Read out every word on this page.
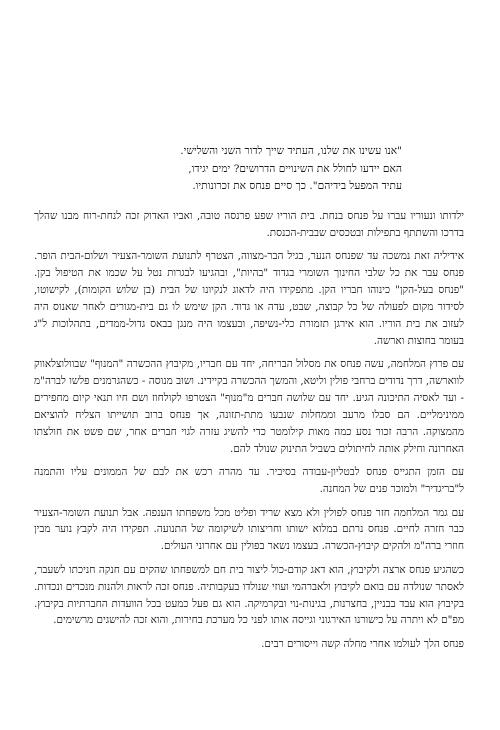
"אנו עשינו את שלנו, העתיד שייך לדור השני והשלישי.

האם יידעו לחולל את השינויים הדרושים? ימים יגידו,

עתיד המפעל בידיהם". כך סיים פנחס את זכרונותיו.

ילדותו ונעוריו עברו על פנחס בנחת. בית הוריו שפע פרנסה טובה, ואביו האדוק זכה לנחת-רוח מבנו שהלך בדרכו והשתתף בתפילות ובטכסים שבבית-הכנסת.

אידיליה זאת נמשכה עד שפנחס הנער, בגיל הבר-מצווה, הצטרף לתנועת השומר-הצעיר ושלום-הבית הופר. פנחס עבר את כל שלבי החינוך השומרי בגדוד "בהיות", ובהגיעו לבגרות נטל על שכמו את הטיפול בקן. "פנחס בעל-הקן" כינוהו חבריו הקן. מתפקידו היה לדאוג לנקיונו של הבית (בן שלוש הקומות), לקישוטו, לסידור מקום לפעולה של כל קבוצה, שבט, עדה או גדוד. הקן שימש לו גם בית-מגורים לאחר שאנוס היה לעזוב את בית הוריו. הוא אירגן תזמורת כלי-נשיפה, ובעצמו היה מנגן בבאס גדול-ממדים, בתהלוכות ל"ג בעומר בחוצות וארשה.

עם פרוץ המלחמה, עשה פנחס את מסלול הבריחה, יחד עם חבריו, מקיבוץ ההכשרה "המנוף" שבוולוצלאווק לווארשה, דרך נדודים ברחבי פולין וליטא, והמשך ההכשרה בקיידינ. ושוב מנוסה - כשהגרמנים פלשו לברה"מ - ועד לאסיה התיכונה הגיע. יחד עם שלושה חברים מ"מנוף" הצטרפו לקולחוז ושם חיו תנאי קיום מחפירים ממינימליים. הם סבלו מרעב וממחלות שנבעו מתת-תזונה, אך פנחס ברוב תושייתו הצליח להוציאם מהמצוקה. הרבה זכור נסע כמה מאות קילומטר כדי להשיג עזרה לגוי חברים אחר, שם פשט את חולצתו האחרונה וחילק אותה לחיתולים בשביל התינוק שנולד להם.

עם הזמן התגייס פנחס לבטליון-עבודה בסיביר. עד מהרה רכש את לבם של הממונים עליו והתמנה ל"בריגדיר" ולמוכר פנים של המחנה.

עם גמר המלחמה חזר פנחס לפולין ולא מצא שריד ופליט מכל משפחתו הענפה. אבל תנועת השומר-הצעיר כבר חזרה לחיים. פנחס נרתם במלוא ישותו וחריצותו לשיקומה של התנועה. תפקידו היה לקבץ נוער מבין חוזרי ברה"מ ולהקים קיבוץ-הכשרה. בעצמו נשאר בפולין עם אחרוני העולים.

כשהגיע פנחס ארצה ולקיבוץ, הוא דאג קודם-כול ליצור בית חם למשפחתו שהקים עם חנקה חניכתו לשעבר, לאסתר שנולדה עם בואם לקיבוץ ולאברהמי ועוזי שנולדו בעקבותיה. פנחס זכה לראות ולהנות מנכדים ונכדות. בקיבוץ הוא עבד בבניין, בחצרנות, בגינות-נוי ובקרמיקה. הוא גם פעל כמעט בכל הוועדות החברתיות בקיבוץ. מפ"ם לא ויתרה על כישורנו האירגוני וגייסה אותו לפני כל מערכת בחירות, והוא זכה להישגים מרשימים.

פנחס הלך לעולמו אחרי מחלה קשה וייסורים רבים.
